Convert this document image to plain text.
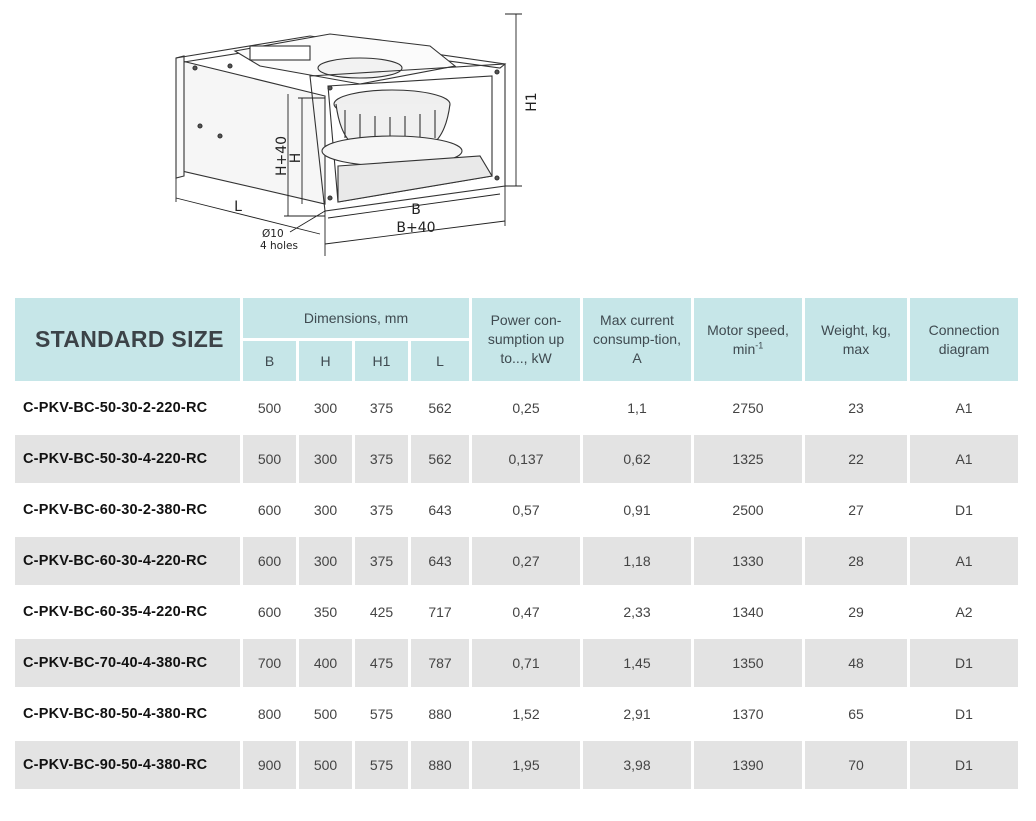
H1
H
H+40
L	B
B+40
Ø10
4 holes
STANDARD SIZE	Dimensions, mm				Power con-sumption up to..., kW	Max current consump-tion, A	Motor speed, $\min^{-1}$	Weight, kg, max	Connection diagram
	B	H	H1	L					
C-PKV-BC-50-30-2-220-RC	500	300	375	562	0,25	1,1	2750	23	A1
C-PKV-BC-50-30-4-220-RC	500	300	375	562	0,137	0,62	1325	22	A1
C-PKV-BC-60-30-2-380-RC	600	300	375	643	0,57	0,91	2500	27	D1
C-PKV-BC-60-30-4-220-RC	600	300	375	643	0,27	1,18	1330	28	A1
C-PKV-BC-60-35-4-220-RC	600	350	425	717	0,47	2,33	1340	29	A2
C-PKV-BC-70-40-4-380-RC	700	400	475	787	0,71	1,45	1350	48	D1
C-PKV-BC-80-50-4-380-RC	800	500	575	880	1,52	2,91	1370	65	D1
C-PKV-BC-90-50-4-380-RC	900	500	575	880	1,95	3,98	1390	70	D1
